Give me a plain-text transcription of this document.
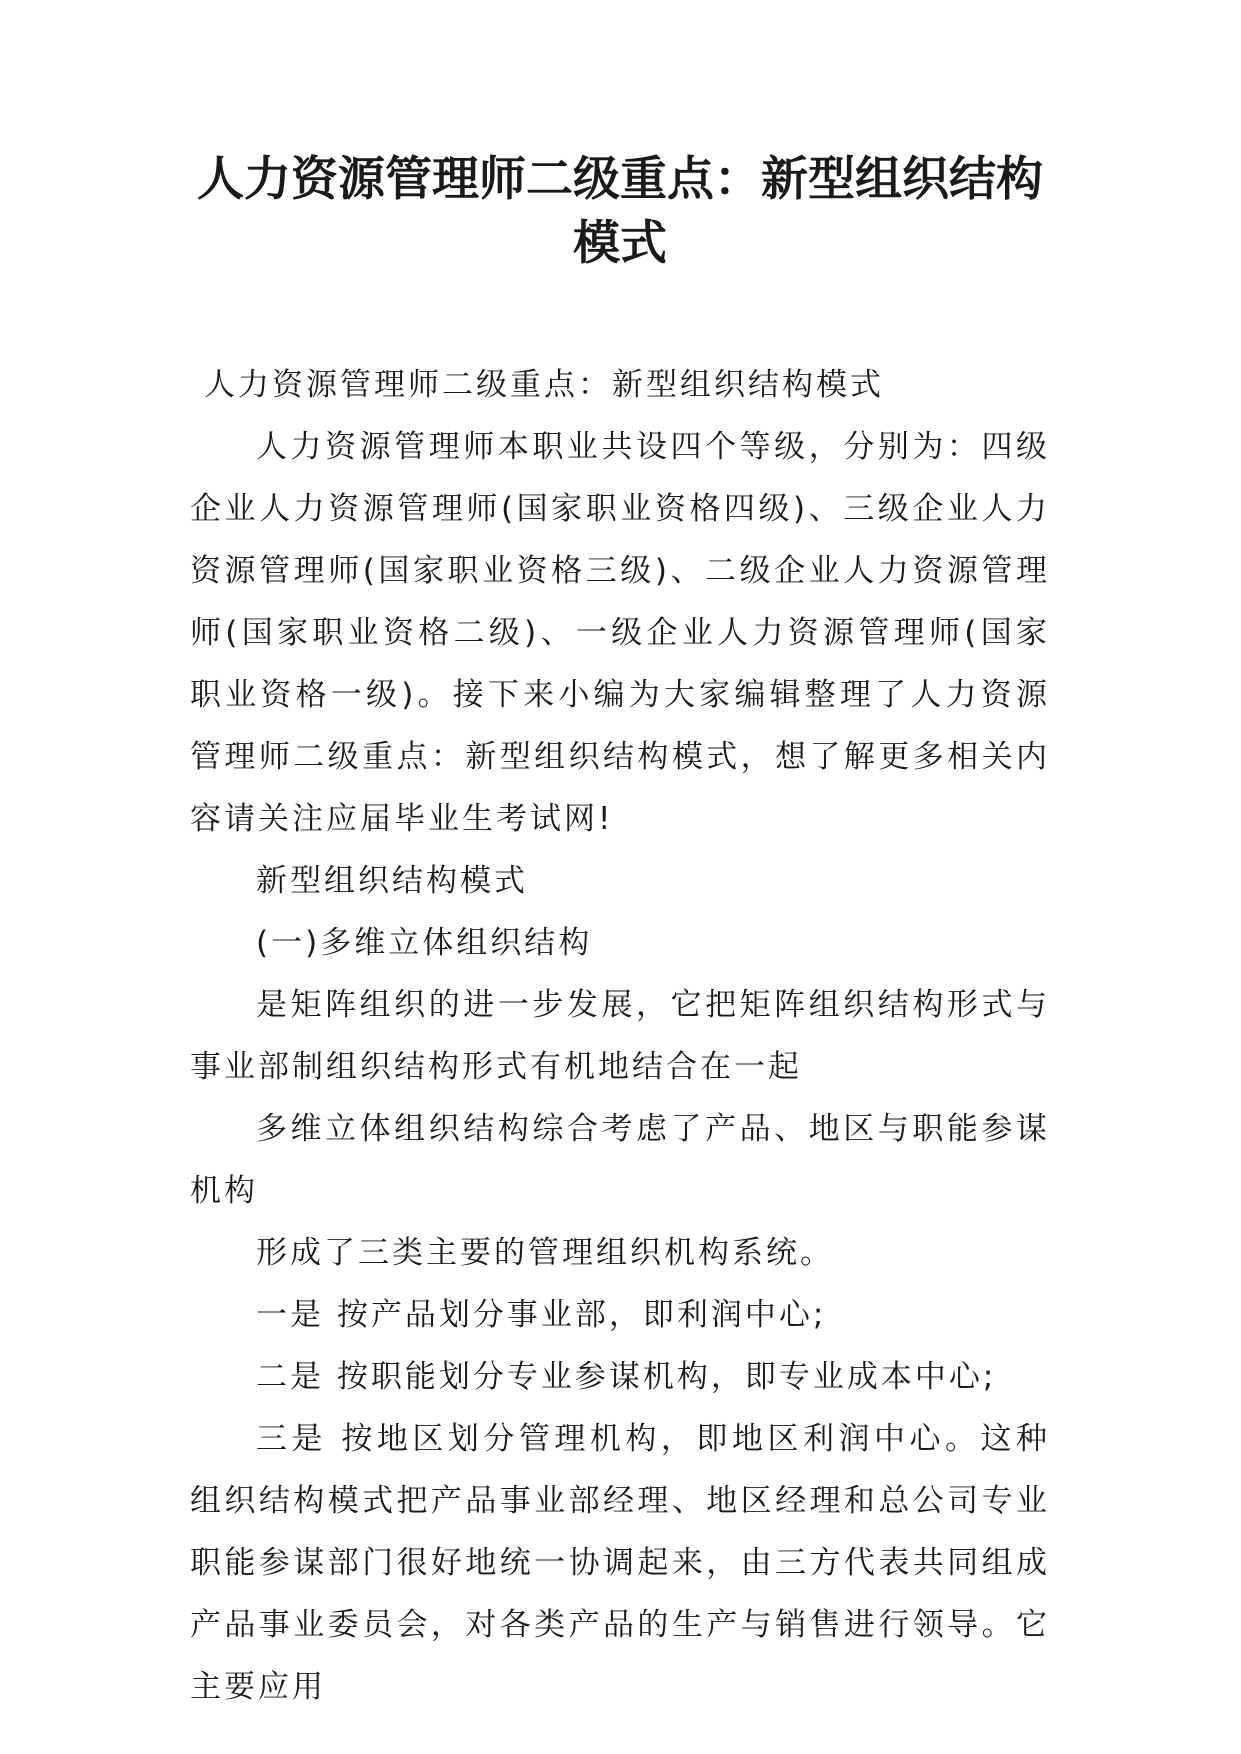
人力资源管理师二级重点：新型组织结构模式

人力资源管理师二级重点：新型组织结构模式

人力资源管理师本职业共设四个等级，分别为：四级企业人力资源管理师(国家职业资格四级)、三级企业人力资源管理师(国家职业资格三级)、二级企业人力资源管理师(国家职业资格二级)、一级企业人力资源管理师(国家职业资格一级)。接下来小编为大家编辑整理了人力资源管理师二级重点：新型组织结构模式，想了解更多相关内容请关注应届毕业生考试网!

新型组织结构模式

(一)多维立体组织结构

是矩阵组织的进一步发展，它把矩阵组织结构形式与事业部制组织结构形式有机地结合在一起

多维立体组织结构综合考虑了产品、地区与职能参谋机构

形成了三类主要的管理组织机构系统。

一是 按产品划分事业部，即利润中心;

二是 按职能划分专业参谋机构，即专业成本中心;

三是 按地区划分管理机构，即地区利润中心。这种组织结构模式把产品事业部经理、地区经理和总公司专业职能参谋部门很好地统一协调起来，由三方代表共同组成产品事业委员会，对各类产品的生产与销售进行领导。它主要应用
